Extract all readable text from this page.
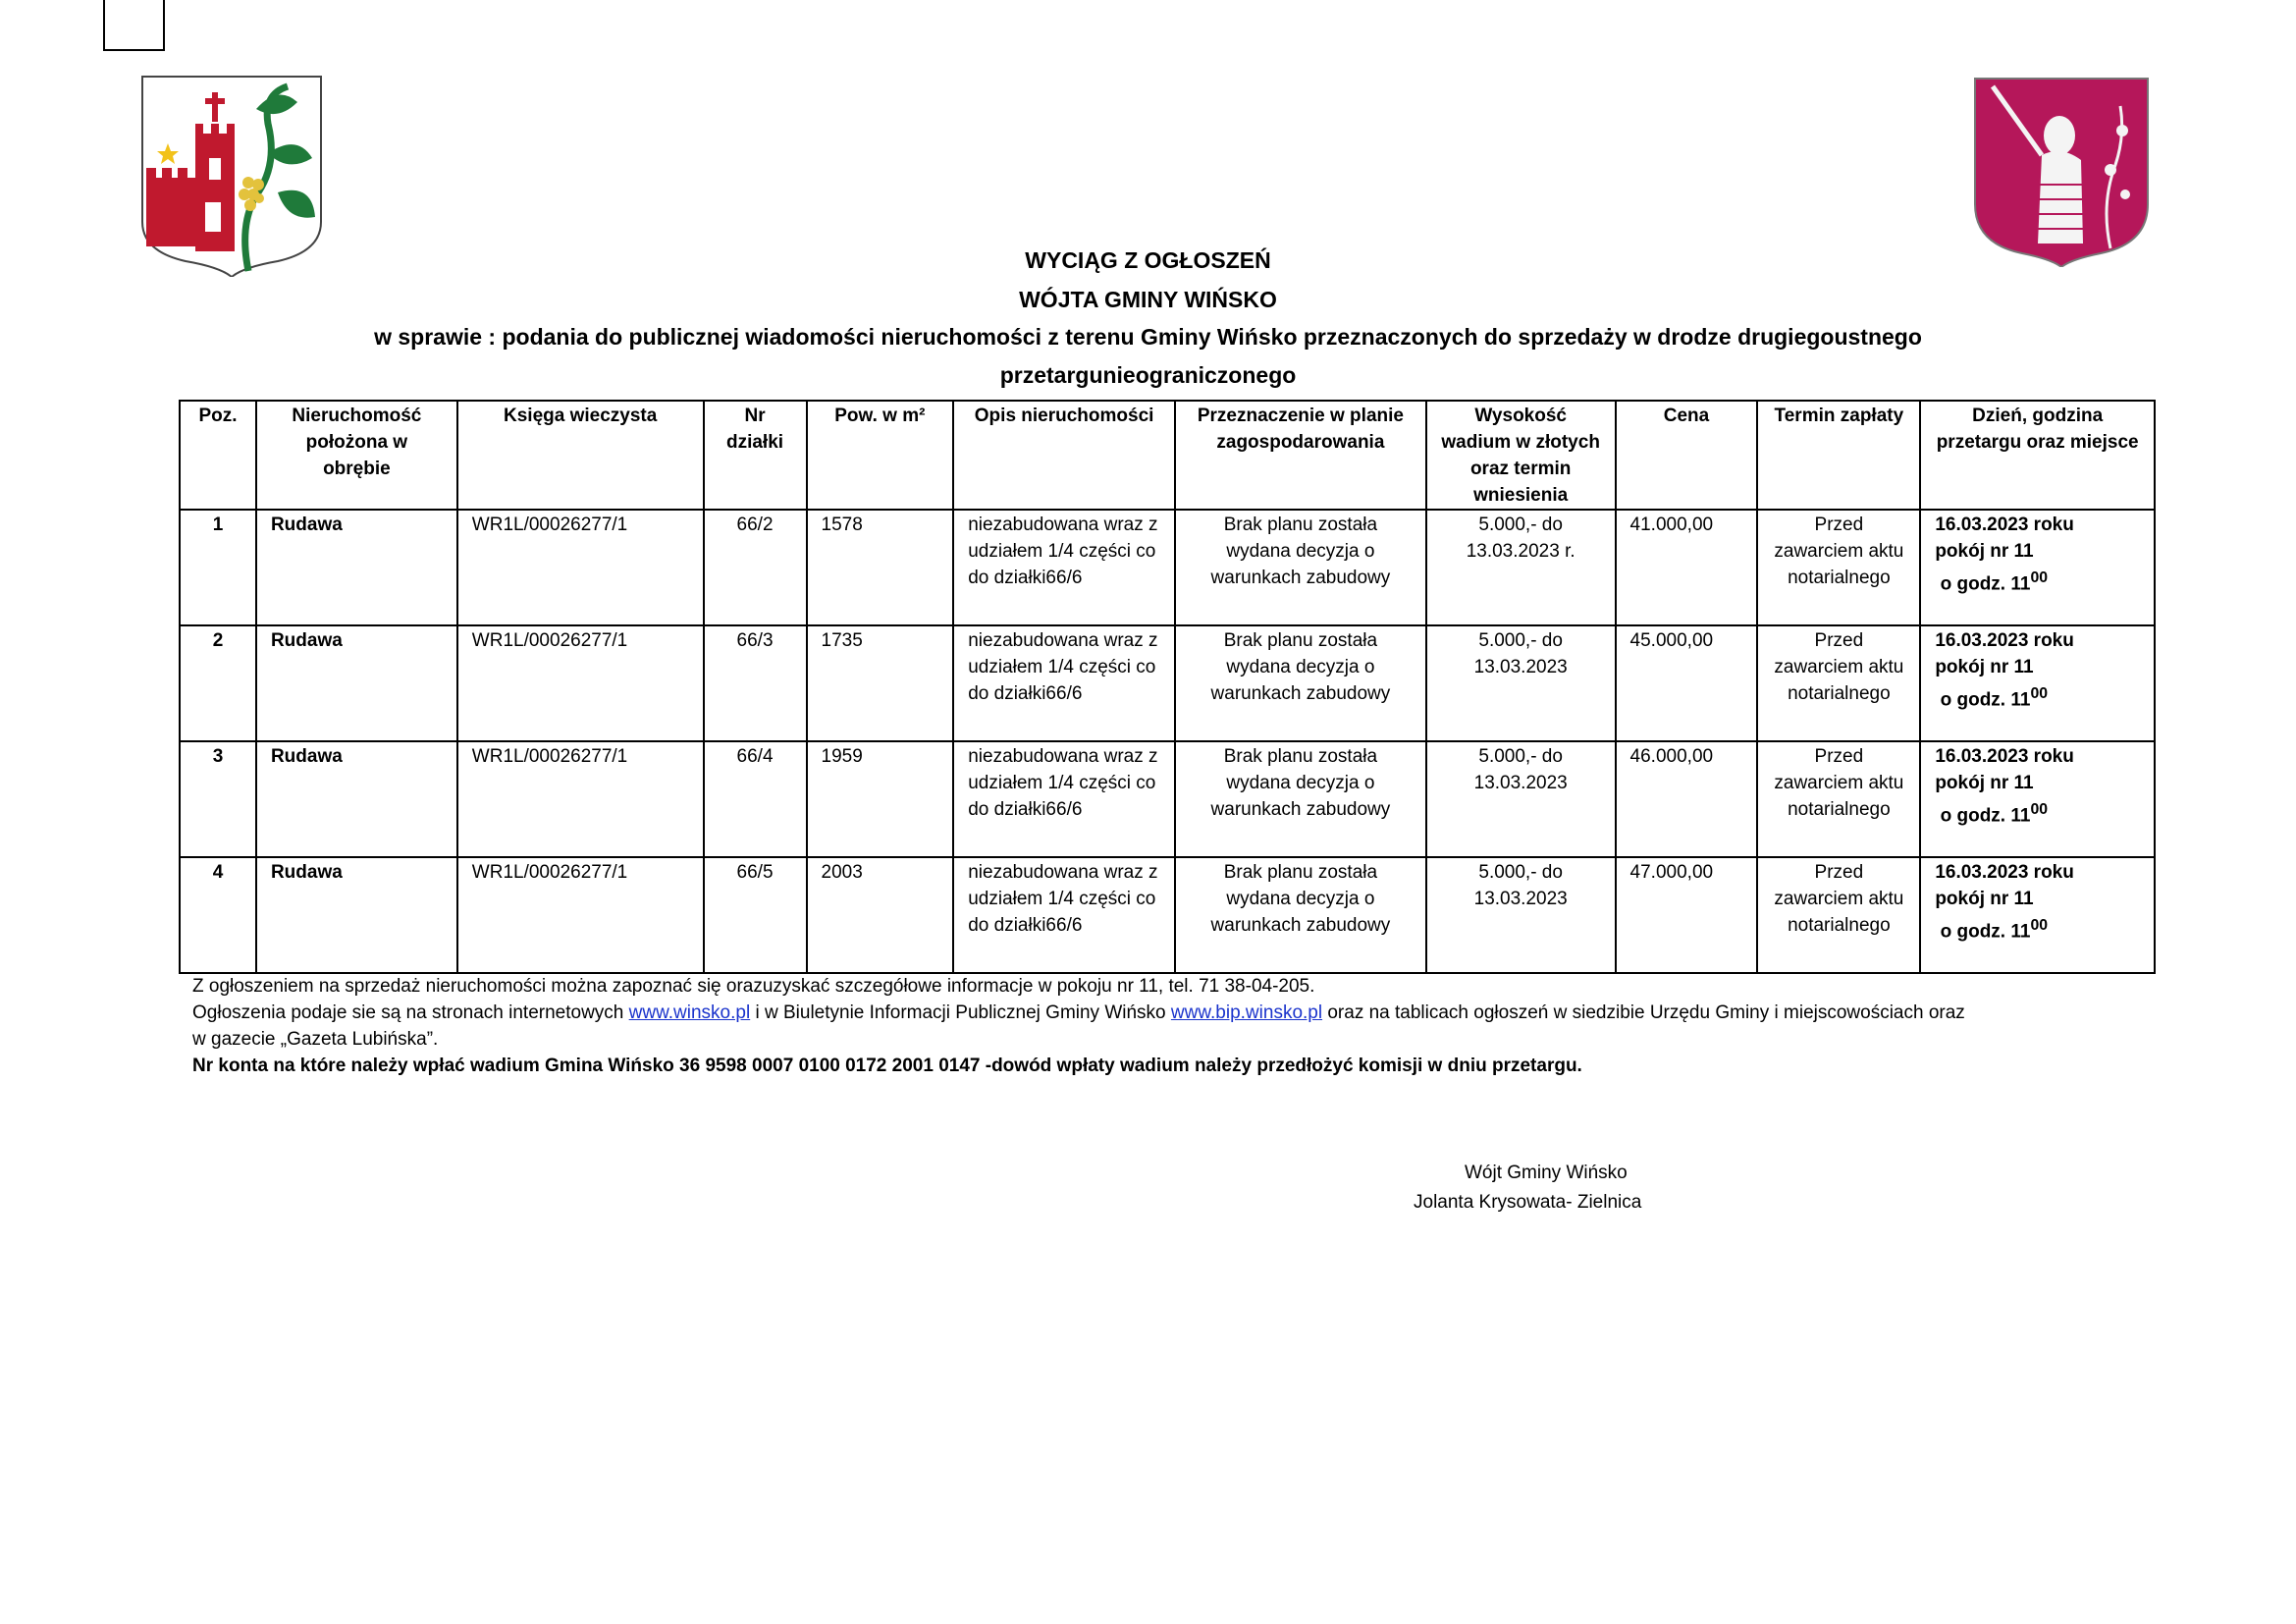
WYCIĄG Z OGŁOSZEŃ
WÓJTA GMINY WIŃSKO
w sprawie : podania do publicznej wiadomości nieruchomości z terenu Gminy Wińsko przeznaczonych do sprzedaży w drodze drugiegoustnego
przetargunieograniczonego
Poz.	Nieruchomość położona w obrębie	Księga wieczysta	Nr działki	Pow. w m²	Opis nieruchomości	Przeznaczenie w planie zagospodarowania	Wysokość wadium w złotych oraz termin wniesienia	Cena	Termin zapłaty	Dzień, godzina przetargu oraz miejsce
1	Rudawa	WR1L/00026277/1	66/2	1578	niezabudowana wraz z udziałem 1/4 części co do działki66/6	Brak planu została wydana decyzja o warunkach zabudowy	5.000,- do 13.03.2023 r.	41.000,00	Przed zawarciem aktu notarialnego	16.03.2023 roku
pokój nr 11
o godz. $11^{00}$

2	Rudawa	WR1L/00026277/1	66/3	1735	niezabudowana wraz z udziałem 1/4 części co do działki66/6	Brak planu została wydana decyzja o warunkach zabudowy	5.000,- do 13.03.2023	45.000,00	Przed zawarciem aktu notarialnego	16.03.2023 roku
pokój nr 11
o godz. $11^{00}$

3	Rudawa	WR1L/00026277/1	66/4	1959	niezabudowana wraz z udziałem 1/4 części co do działki66/6	Brak planu została wydana decyzja o warunkach zabudowy	5.000,- do 13.03.2023	46.000,00	Przed zawarciem aktu notarialnego	16.03.2023 roku
pokój nr 11
o godz. $11^{00}$

4	Rudawa	WR1L/00026277/1	66/5	2003	niezabudowana wraz z udziałem 1/4 części co do działki66/6	Brak planu została wydana decyzja o warunkach zabudowy	5.000,- do 13.03.2023	47.000,00	Przed zawarciem aktu notarialnego	16.03.2023 roku
pokój nr 11
o godz. $11^{00}$

Z ogłoszeniem na sprzedaż nieruchomości można zapoznać się orazuzyskać szczegółowe informacje w pokoju nr 11, tel. 71 38-04-205.

Ogłoszenia podaje sie są na stronach internetowych www.winsko.pl i w Biuletynie Informacji Publicznej Gminy Wińsko www.bip.winsko.pl oraz na tablicach ogłoszeń w siedzibie Urzędu Gminy i miejscowościach oraz

w gazecie „Gazeta Lubińska”.

Nr konta na które należy wpłać wadium Gmina Wińsko 36 9598 0007 0100 0172 2001 0147 -dowód wpłaty wadium należy przedłożyć komisji w dniu przetargu.

Wójt Gminy Wińsko
Jolanta Krysowata- Zielnica
